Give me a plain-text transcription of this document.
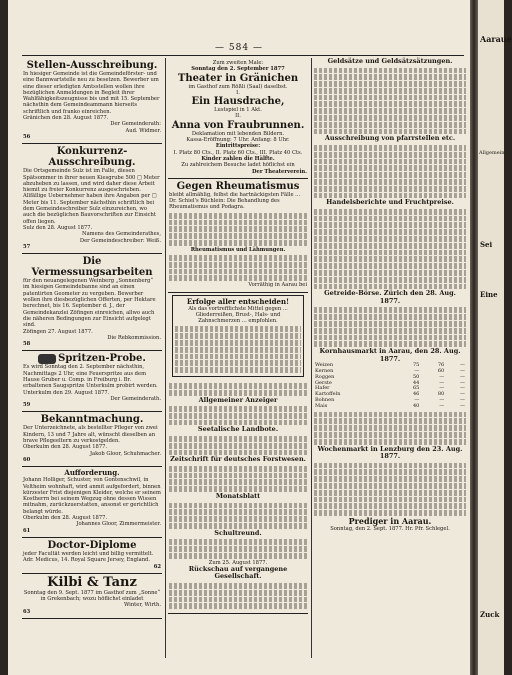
— 584 —
Stellen-Ausschreibung.
In hiesiger Gemeinde ist die Gemeindeförster- und eine Bannwartstelle neu zu besetzen. Bewerber um eine dieser erledigten Amtsstellen wollen ihre bezüglichen Anmeldungen in Begleit ihrer Wahlfähigkeitszeugnisse bis und mit 15. September nächsthin dem Gemeindeammann hierseits schriftlich und franko einreichen.
Gränichen den 28. August 1877.
Der Gemeinderath:
Aud. Widmer.
56
Konkurrenz-Ausschreibung.
Die Ortsgemeinde Sulz ist im Falle, diesen Spätsommer in ihrer neuen Kiesgrube 500 □ Meter abzuheben zu lassen, und wird daher diese Arbeit hiemit zu freier Konkurrenz ausgeschrieben. Allfällige Uebernehmer haben ihre Angaben per □ Meter bis 11. September nächsthin schriftlich bei dem Gemeindeschreiber Sulz einzureichen, wo auch die bezüglichen Bauvorschriften zur Einsicht offen liegen.
Sulz den 28. August 1877.
Namens des Gemeinderathes,
Der Gemeindeschreiber: Weiß.
57
Die Vermessungsarbeiten
für den neuangelegenen Weinberg „Sonnenberg“ im hiesigen Gemeindebanne sind an einen patentirten Geometer zu vergeben. Bewerber wollen ihre diesbezüglichen Offerten, per Hektare berechnet, bis 16. September d. J., der Gemeindekanzlei Zöfingen einreichen, allwo auch die näheren Bedingungen zur Einsicht aufgelegt sind.
Zöfingen 27. August 1877.
Die Rebkommission.
58
Spritzen-Probe.
Es wird Sonntag den 2. September nächsthin, Nachmittags 2 Uhr, eine Feuerspritze aus dem Hause Gruber u. Comp. in Freiburg i. Br. erbaltenen Saugspritze Unterkulm probirt werden.
Unterkulm den 29. August 1877.
Der Gemeinderath.
59
Bekanntmachung.
Der Unterzeichnete, als bestellter Pfleger von zwei Kindern, 13 und 7 Jahre alt, wünscht dieselben an brave Pflegeeltern zu verkostgelden.
Oberkulm den 28. August 1877.
Jakob Gloor, Schuhmacher.
60
Aufforderung.
Johann Holliger, Schuster, von Gontenschwil, in Veltheim wohnhaft, wird anmit aufgefordert, binnen kürzester Frist diejenigen Kleider, welche er seinem Kostherrn bei seinem Wegzug ohne dessen Wissen mitnahm, zurückzuerstatten, ansonst er gerichtlich belangt würde.
Oberkulm den 28. August 1877.
Johannes Gloor, Zimmermeister.
61
Doctor-Diplome
jeder Facultät werden leicht und billig vermittelt. Adr. Medicus, 14. Royal Square Jersey, England.
62
Kilbi & Tanz
Sonntag den 9. Sept. 1877 im Gasthof zum „Sonne“ in Grekenbach; wozu höflichst einladet
Winter, Wirth.
63
Zum zweiten Male:
Sonntag den 2. September 1877
Theater in Gränichen
im Gasthof zum Rößli (Saal) daselbst.
I.
Ein Hausdrache,
Lustspiel in 1 Akt.
II.
Anna von Fraubrunnen.
Deklamation mit lebenden Bildern.
Kassa-Eröffnung: 7 Uhr. Anfang: 8 Uhr.
Eintrittspreise:
I. Platz 80 Cts., II. Platz 60 Cts., III. Platz 40 Cts.
Kinder zahlen die Hälfte.
Zu zahlreichem Besuche ladet höflichst ein
Der Theaterverein.
Gegen Rheumatismus
bleibt allmählig, felbst die hartnäckigsten Fälle ... Dr. Schiel's Büchlein: Die Behandlung des Rheumatismus und Podagra.
Rheumatismus und Lähmungen.
Vorräthig in Aarau bei
Erfolge aller entscheiden!
Als das vortrefflichste Mittel gegen ... Gliederreißen, Brust-, Hals- und Zahnschmerzen ... empfohlen.
Allgemeiner Anzeiger
Seetalische Landbote.
Zeitschrift für deutsches Forstwesen.
Monatsblatt
Schultreund.
Zum 25. August 1877.
Rückschau auf vergangene Gesellschaft.
Geldsätze und Geldsätzsätzungen.
Ausschreibung von pfarrstellen etc.
Handelsberichte und Fruchtpreise.
Getreide-Börse. Zürich den 28. Aug. 1877.
Kornhausmarkt in Aarau, den 28. Aug. 1877.
Weizen	75	76	—
Kernen	—	60	—
Roggen	50	—	—
Gerste	44	—	—
Hafer	65	—	—
Kartoffeln	46	80	—
Bohnen	—	—	—
Mais	40	—	—
Wochenmarkt in Lenzburg den 23. Aug. 1877.
Prediger in Aarau.
Sonntag, den 2. Sept. 1877. Hr. Pfr. Schlegel.
Aaraue
Allgemein
Sei
Eine
Zuck
